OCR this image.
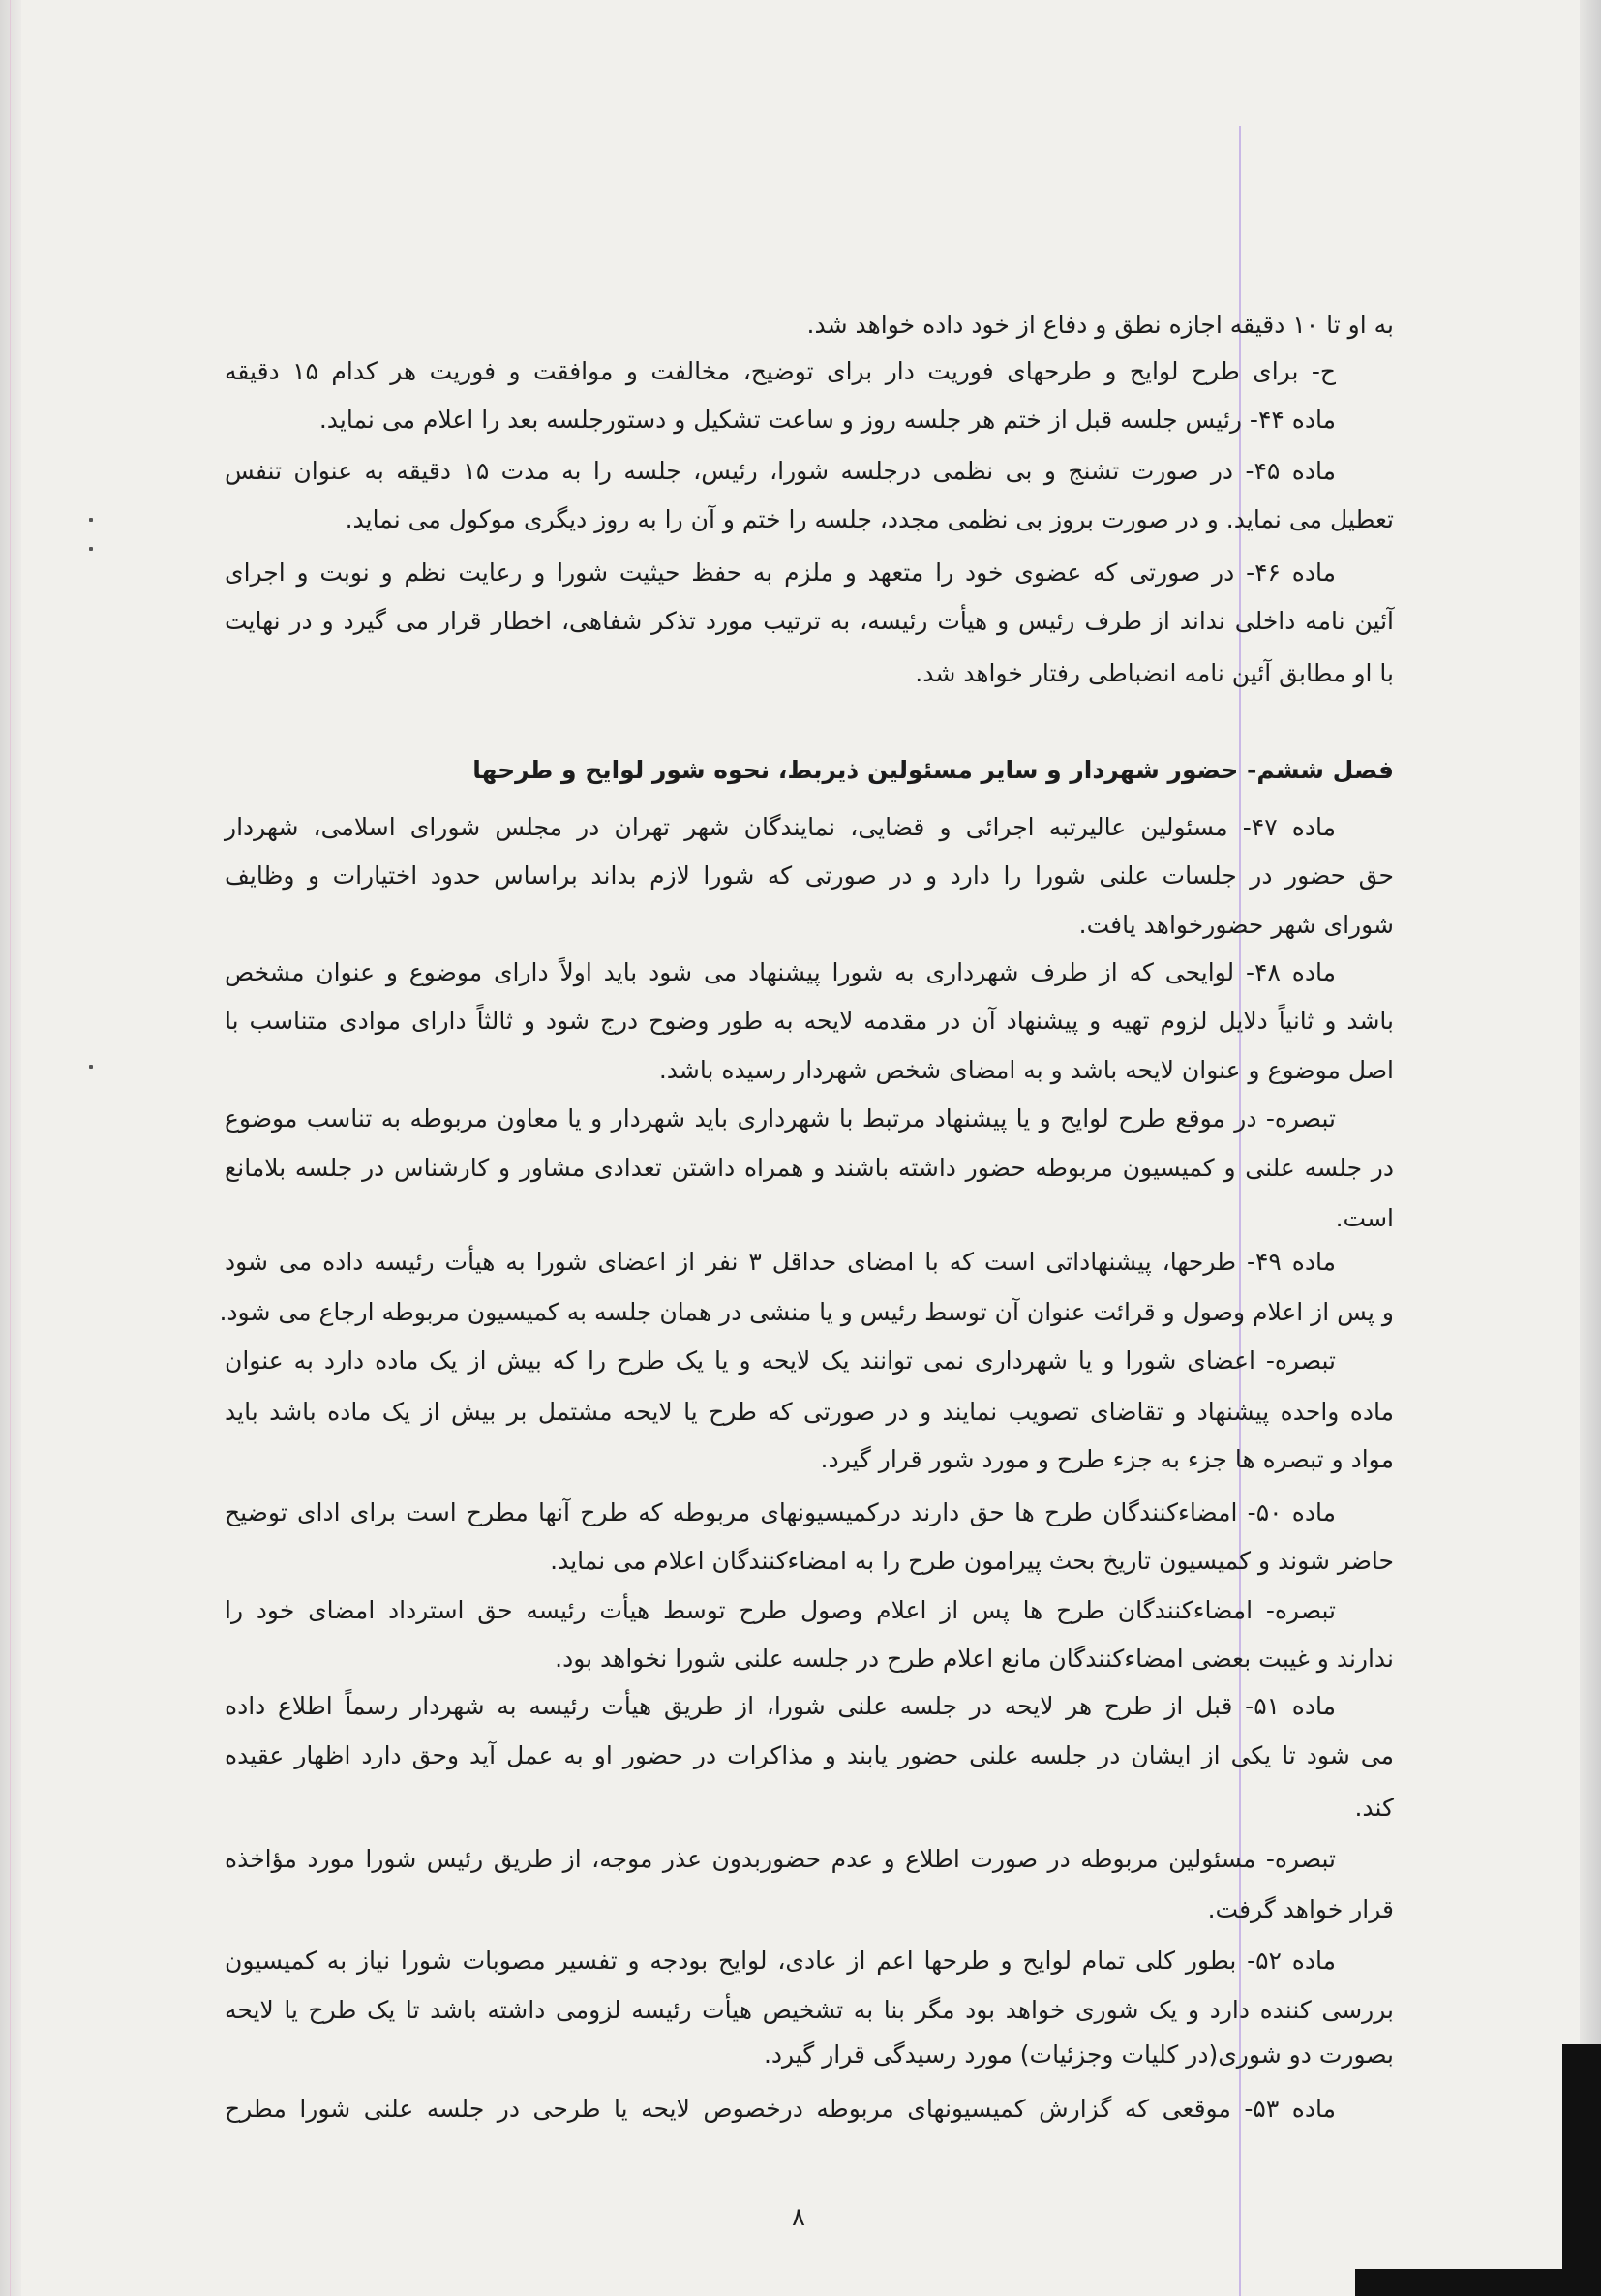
به او تا ۱۰ دقیقه اجازه نطق و دفاع از خود داده خواهد شد.
ح- برای طرح لوایح و طرحهای فوریت دار برای توضیح، مخالفت و موافقت و فوریت هر کدام ۱۵ دقیقه
ماده ۴۴- رئیس جلسه قبل از ختم هر جلسه روز و ساعت تشکیل و دستورجلسه بعد را اعلام می نماید.
ماده ۴۵- در صورت تشنج و بی نظمی درجلسه شورا، رئیس، جلسه را به مدت ۱۵ دقیقه به عنوان تنفس
تعطیل می نماید. و در صورت بروز بی نظمی مجدد، جلسه را ختم و آن را به روز دیگری موکول می نماید.
ماده ۴۶- در صورتی که عضوی خود را متعهد و ملزم به حفظ حیثیت شورا و رعایت نظم و نوبت و اجرای
آئین نامه داخلی نداند از طرف رئیس و هیأت رئیسه، به ترتیب مورد تذکر شفاهی، اخطار قرار می گیرد و در نهایت
با او مطابق آئین نامه انضباطی رفتار خواهد شد.
فصل ششم- حضور شهردار و سایر مسئولین ذیربط، نحوه شور لوایح و طرحها
ماده ۴۷- مسئولین عالیرتبه اجرائی و قضایی، نمایندگان شهر تهران در مجلس شورای اسلامی، شهردار
حق حضور در جلسات علنی شورا را دارد و در صورتی که شورا لازم بداند براساس حدود اختیارات و وظایف
شورای شهر حضورخواهد یافت.
ماده ۴۸- لوایحی که از طرف شهرداری به شورا پیشنهاد می شود باید اولاً دارای موضوع و عنوان مشخص
باشد و ثانیاً دلایل لزوم تهیه و پیشنهاد آن در مقدمه لایحه به طور وضوح درج شود و ثالثاً دارای موادی متناسب با
اصل موضوع و عنوان لایحه باشد و به امضای شخص شهردار رسیده باشد.
تبصره- در موقع طرح لوایح و یا پیشنهاد مرتبط با شهرداری باید شهردار و یا معاون مربوطه به تناسب موضوع
در جلسه علنی و کمیسیون مربوطه حضور داشته باشند و همراه داشتن تعدادی مشاور و کارشناس در جلسه بلامانع
است.
ماده ۴۹- طرحها، پیشنهاداتی است که با امضای حداقل ۳ نفر از اعضای شورا به هیأت رئیسه داده می شود
و پس از اعلام وصول و قرائت عنوان آن توسط رئیس و یا منشی در همان جلسه به کمیسیون مربوطه ارجاع می شود.
تبصره- اعضای شورا و یا شهرداری نمی توانند یک لایحه و یا یک طرح را که بیش از یک ماده دارد به عنوان
ماده واحده پیشنهاد و تقاضای تصویب نمایند و در صورتی که طرح یا لایحه مشتمل بر بیش از یک ماده باشد باید
مواد و تبصره ها جزء به جزء طرح و مورد شور قرار گیرد.
ماده ۵۰- امضاءکنندگان طرح ها حق دارند درکمیسیونهای مربوطه که طرح آنها مطرح است برای ادای توضیح
حاضر شوند و کمیسیون تاریخ بحث پیرامون طرح را به امضاءکنندگان اعلام می نماید.
تبصره- امضاءکنندگان طرح ها پس از اعلام وصول طرح توسط هیأت رئیسه حق استرداد امضای خود را
ندارند و غیبت بعضی امضاءکنندگان مانع اعلام طرح در جلسه علنی شورا نخواهد بود.
ماده ۵۱- قبل از طرح هر لایحه در جلسه علنی شورا، از طریق هیأت رئیسه به شهردار رسماً اطلاع داده
می شود تا یکی از ایشان در جلسه علنی حضور یابند و مذاکرات در حضور او به عمل آید وحق دارد اظهار عقیده
کند.
تبصره- مسئولین مربوطه در صورت اطلاع و عدم حضوربدون عذر موجه، از طریق رئیس شورا مورد مؤاخذه
قرار خواهد گرفت.
ماده ۵۲- بطور کلی تمام لوایح و طرحها اعم از عادی، لوایح بودجه و تفسیر مصوبات شورا نیاز به کمیسیون
بررسی کننده دارد و یک شوری خواهد بود مگر بنا به تشخیص هیأت رئیسه لزومی داشته باشد تا یک طرح یا لایحه
بصورت دو شوری(در کلیات وجزئیات) مورد رسیدگی قرار گیرد.
ماده ۵۳- موقعی که گزارش کمیسیونهای مربوطه درخصوص لایحه یا طرحی در جلسه علنی شورا مطرح
۸
